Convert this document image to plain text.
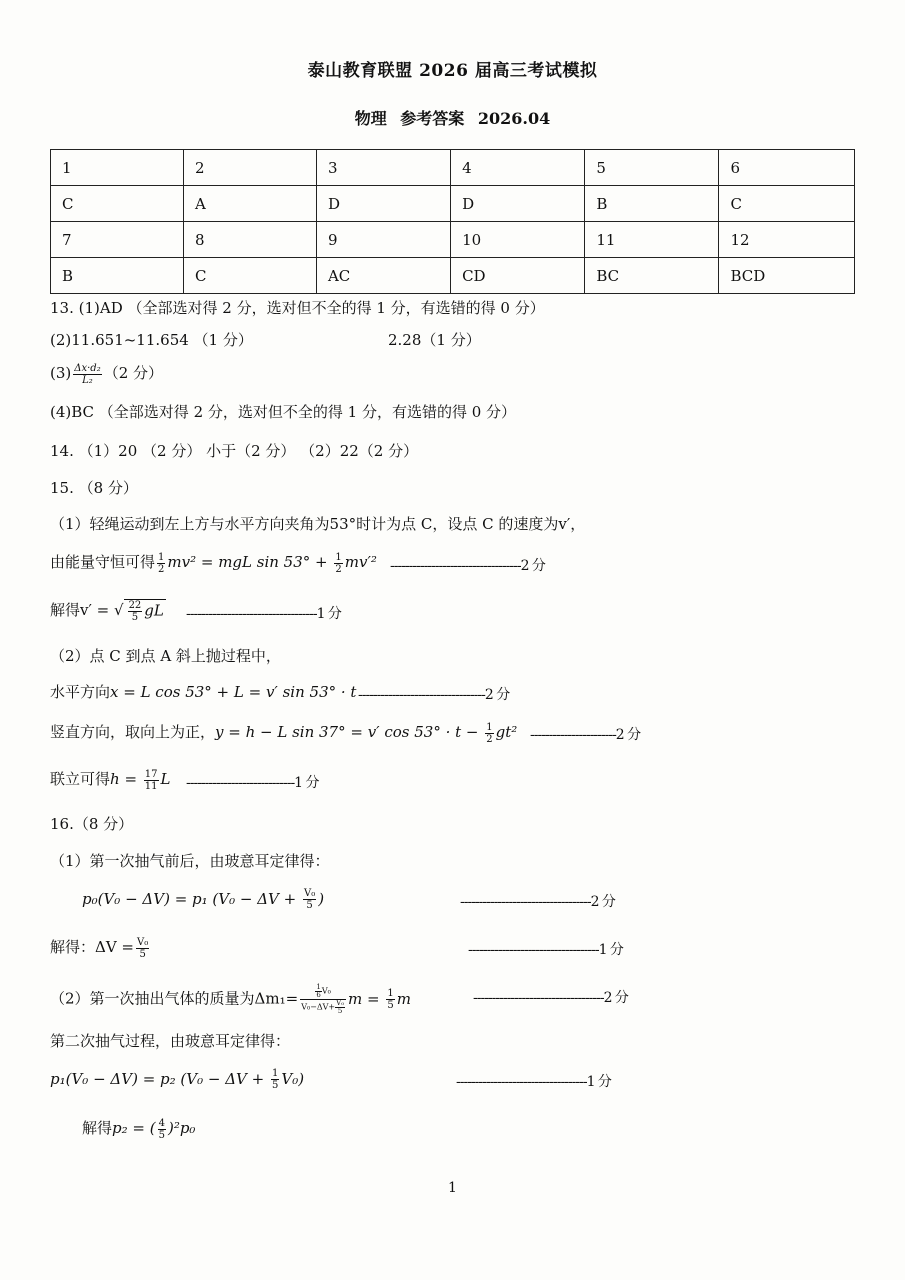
泰山教育联盟 2026 届高三考试模拟
物理 参考答案 2026.04
1	2	3	4	5	6
C	A	D	D	B	C
7	8	9	10	11	12
B	C	AC	CD	BC	BCD
13. (1)AD （全部选对得 2 分，选对但不全的得 1 分，有选错的得 0 分）
(2)11.651~11.654 （1 分）	2.28（1 分）
$(3) \frac{\text{Δx·d₂}}{\text{L₂}} (2$ 分）
(4)BC （全部选对得 2 分，选对但不全的得 1 分，有选错的得 0 分）
14. （1）20 （2 分） 小于（2 分） （2）22（2 分）
15. （8 分）
（1）轻绳运动到左上方与水平方向夹角为53°时计为点 C，设点 C 的速度为v′，
由能量守恒可得 $\frac{1}{2} mv^2$ = mgL $\sin 53^\circ + \frac{1}{2} mv'^2$ -----------------------------------2 分
解得v′ = √ $\frac{22}{5}$ gL -----------------------------------1 分
（2）点 C 到点 A 斜上抛过程中，
水平方向x = L cos 53° + L = v′ sin 53° · t ----------------------------------2 分
竖直方向，取向上为正，y = h − L sin 37° = v′ $\cos 53^\circ \cdot t - \frac{1}{2} gt^2$ -----------------------2 分
联立可得$h = \frac{17}{11}$ L -----------------------------1 分
16.（8 分）
（1）第一次抽气前后，由玻意耳定律得：
p₀(V₀ − ΔV) = p₁ ($V_0 - \Delta V + \frac{\text{V₀}}{5}$ )	-----------------------------------2 分
解得：$\Delta V = \frac{\text{V₀}}{5}$	-----------------------------------1 分
（2）第一次抽出气体的质量为$\Delta m_1= \frac{\frac{1}{6} V_0}{V_0-\Delta V+ \frac{\text{V₀}}{5}}$ $m = \frac{1}{5}$ m	-----------------------------------2 分
第二次抽气过程，由玻意耳定律得：
p₁(V₀ − ΔV) = p₂ $(V_0 - \Delta V + \frac{1}{5} V_0)$	-----------------------------------1 分
解得p₂ = ( $\frac{4}{5} )^2p_0$
1
